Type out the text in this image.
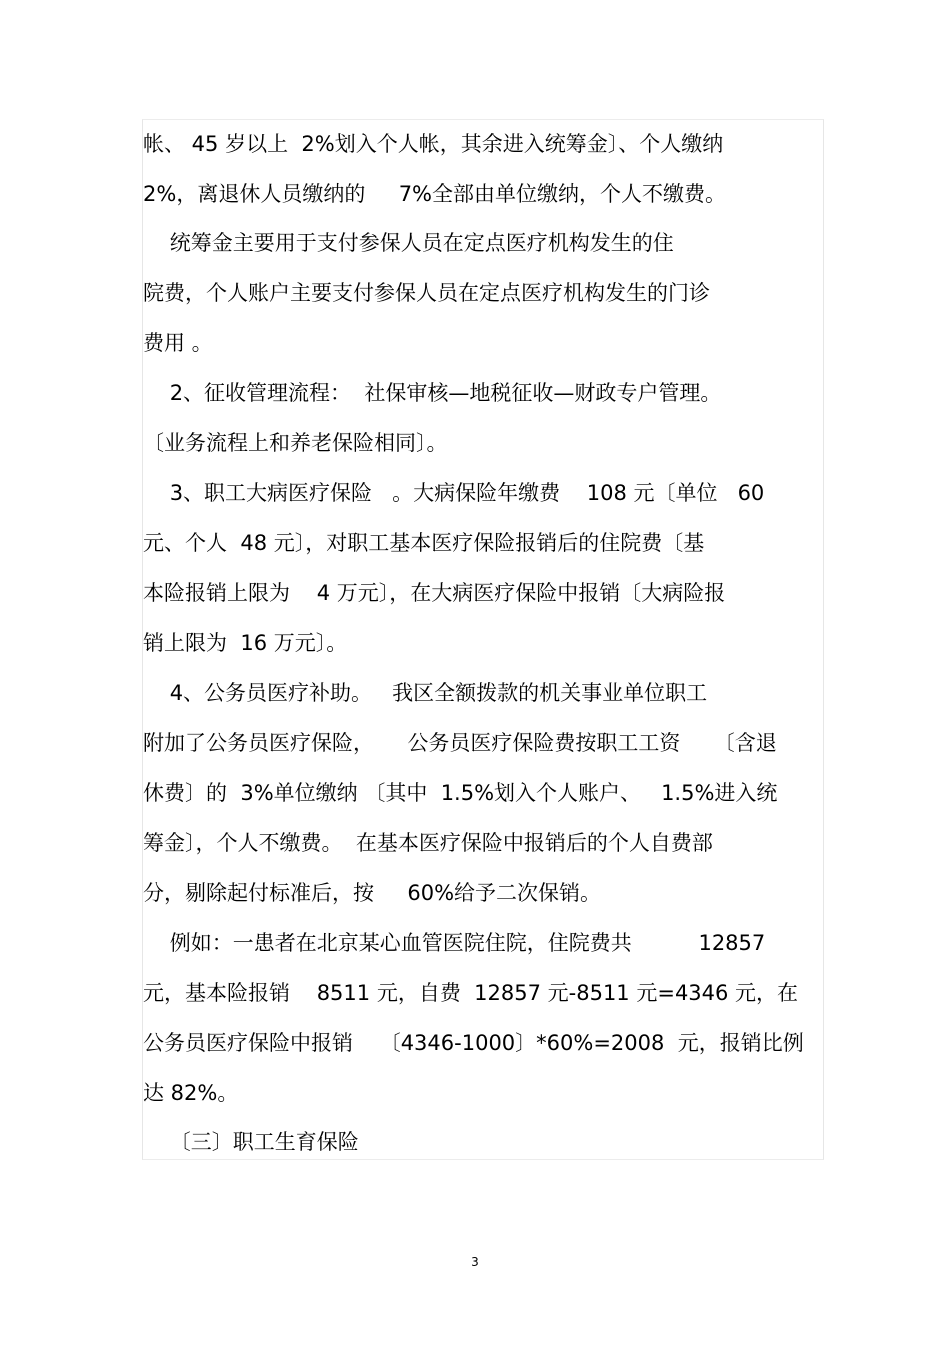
帐、 45 岁以上  2%划入个人帐，其余进入统筹金〕、个人缴纳
2%，离退休人员缴纳的     7%全部由单位缴纳，个人不缴费。
统筹金主要用于支付参保人员在定点医疗机构发生的住
院费，个人账户主要支付参保人员在定点医疗机构发生的门诊
费用 。
2、征收管理流程：  社保审核—地税征收—财政专户管理。
〔业务流程上和养老保险相同〕。
3、职工大病医疗保险   。大病保险年缴费    108 元〔单位   60
元、个人  48 元〕，对职工基本医疗保险报销后的住院费〔基
本险报销上限为    4 万元〕，在大病医疗保险中报销〔大病险报
销上限为  16 万元〕。
4、公务员医疗补助。   我区全额拨款的机关事业单位职工
附加了公务员医疗保险，     公务员医疗保险费按职工工资     〔含退
休费〕的  3%单位缴纳 〔其中  1.5%划入个人账户、   1.5%进入统
筹金〕，个人不缴费。  在基本医疗保险中报销后的个人自费部
分，剔除起付标准后，按     60%给予二次保销。
例如：一患者在北京某心血管医院住院，住院费共          12857
元，基本险报销    8511 元，自费  12857 元-8511 元=4346 元，在
公务员医疗保险中报销    〔4346-1000〕*60%=2008  元，报销比例
达 82%。
〔三〕职工生育保险
3
